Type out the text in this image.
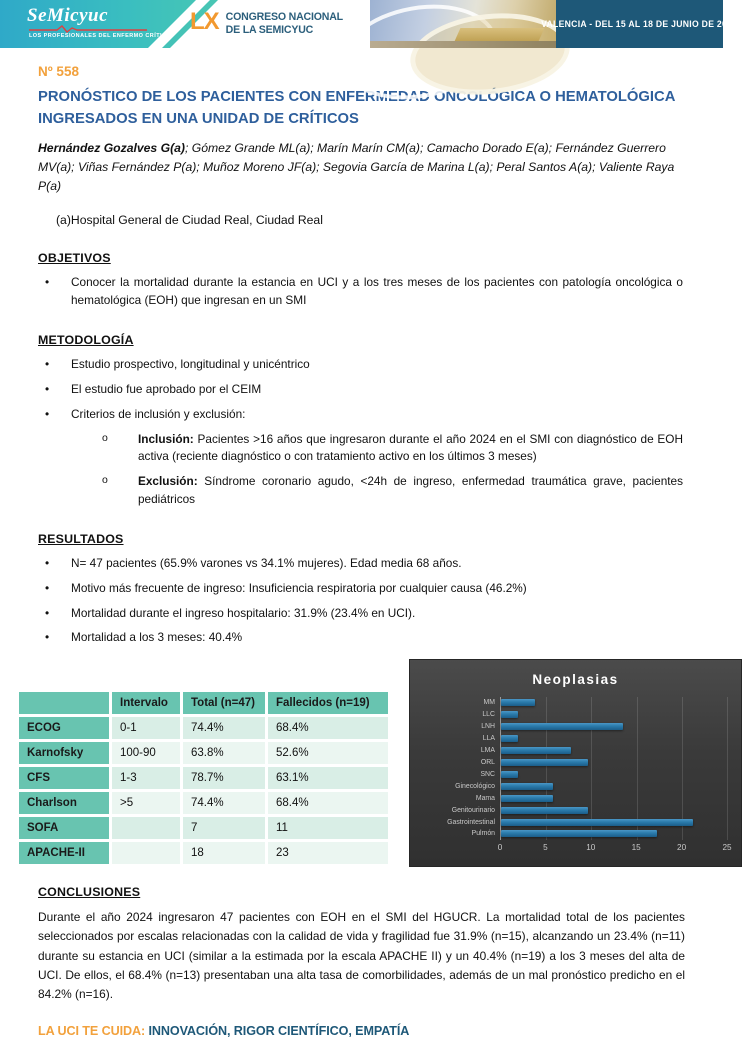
SeMicyuc
LOS PROFESIONALES DEL ENFERMO CRÍTICO
LX CONGRESO NACIONAL
DE LA SEMICYUC	VALENCIA - DEL 15 AL 18 DE JUNIO DE 2025
Nº 558
PRONÓSTICO DE LOS PACIENTES CON ENFERMEDAD ONCOLÓGICA O HEMATOLÓGICA INGRESADOS EN UNA UNIDAD DE CRÍTICOS
Hernández Gozalves G(a); Gómez Grande ML(a); Marín Marín CM(a); Camacho Dorado E(a); Fernández Guerrero MV(a); Viñas Fernández P(a); Muñoz Moreno JF(a); Segovia García de Marina L(a); Peral Santos A(a); Valiente Raya P(a)
(a)Hospital General de Ciudad Real, Ciudad Real
OBJETIVOS
•	Conocer la mortalidad durante la estancia en UCI y a los tres meses de los pacientes con patología oncológica o hematológica (EOH) que ingresan en un SMI
METODOLOGÍA
•	Estudio prospectivo, longitudinal y unicéntrico
•	El estudio fue aprobado por el CEIM
•	Criterios de inclusión y exclusión:
o	Inclusión: Pacientes >16 años que ingresaron durante el año 2024 en el SMI con diagnóstico de EOH activa (reciente diagnóstico o con tratamiento activo en los últimos 3 meses)
o	Exclusión: Síndrome coronario agudo, <24h de ingreso, enfermedad traumática grave, pacientes pediátricos
RESULTADOS
•	N= 47 pacientes (65.9% varones vs 34.1% mujeres). Edad media 68 años.
•	Motivo más frecuente de ingreso: Insuficiencia respiratoria por cualquier causa (46.2%)
•	Mortalidad durante el ingreso hospitalario: 31.9% (23.4% en UCI).
•	Mortalidad a los 3 meses: 40.4%
	Intervalo	Total (n=47)	Fallecidos (n=19)
ECOG	0-1	74.4%	68.4%
Karnofsky	100-90	63.8%	52.6%
CFS	1-3	78.7%	63.1%
Charlson	>5	74.4%	68.4%
SOFA		7	11
APACHE-II		18	23
Neoplasias
MM
LLC
LNH
LLA
LMA
ORL
SNC
Ginecológico
Mama
Genitourinario
Gastrointestinal
Pulmón
0	5	10	15	20	25
CONCLUSIONES
Durante el año 2024 ingresaron 47 pacientes con EOH en el SMI del HGUCR. La mortalidad total de los pacientes seleccionados por escalas relacionadas con la calidad de vida y fragilidad fue 31.9% (n=15), alcanzando un 23.4% (n=11) durante su estancia en UCI (similar a la estimada por la escala APACHE II) y un 40.4% (n=19) a los 3 meses del alta de UCI. De ellos, el 68.4% (n=13) presentaban una alta tasa de comorbilidades, además de un mal pronóstico predicho en el 84.2% (n=16).
LA UCI TE CUIDA: INNOVACIÓN, RIGOR CIENTÍFICO, EMPATÍA
